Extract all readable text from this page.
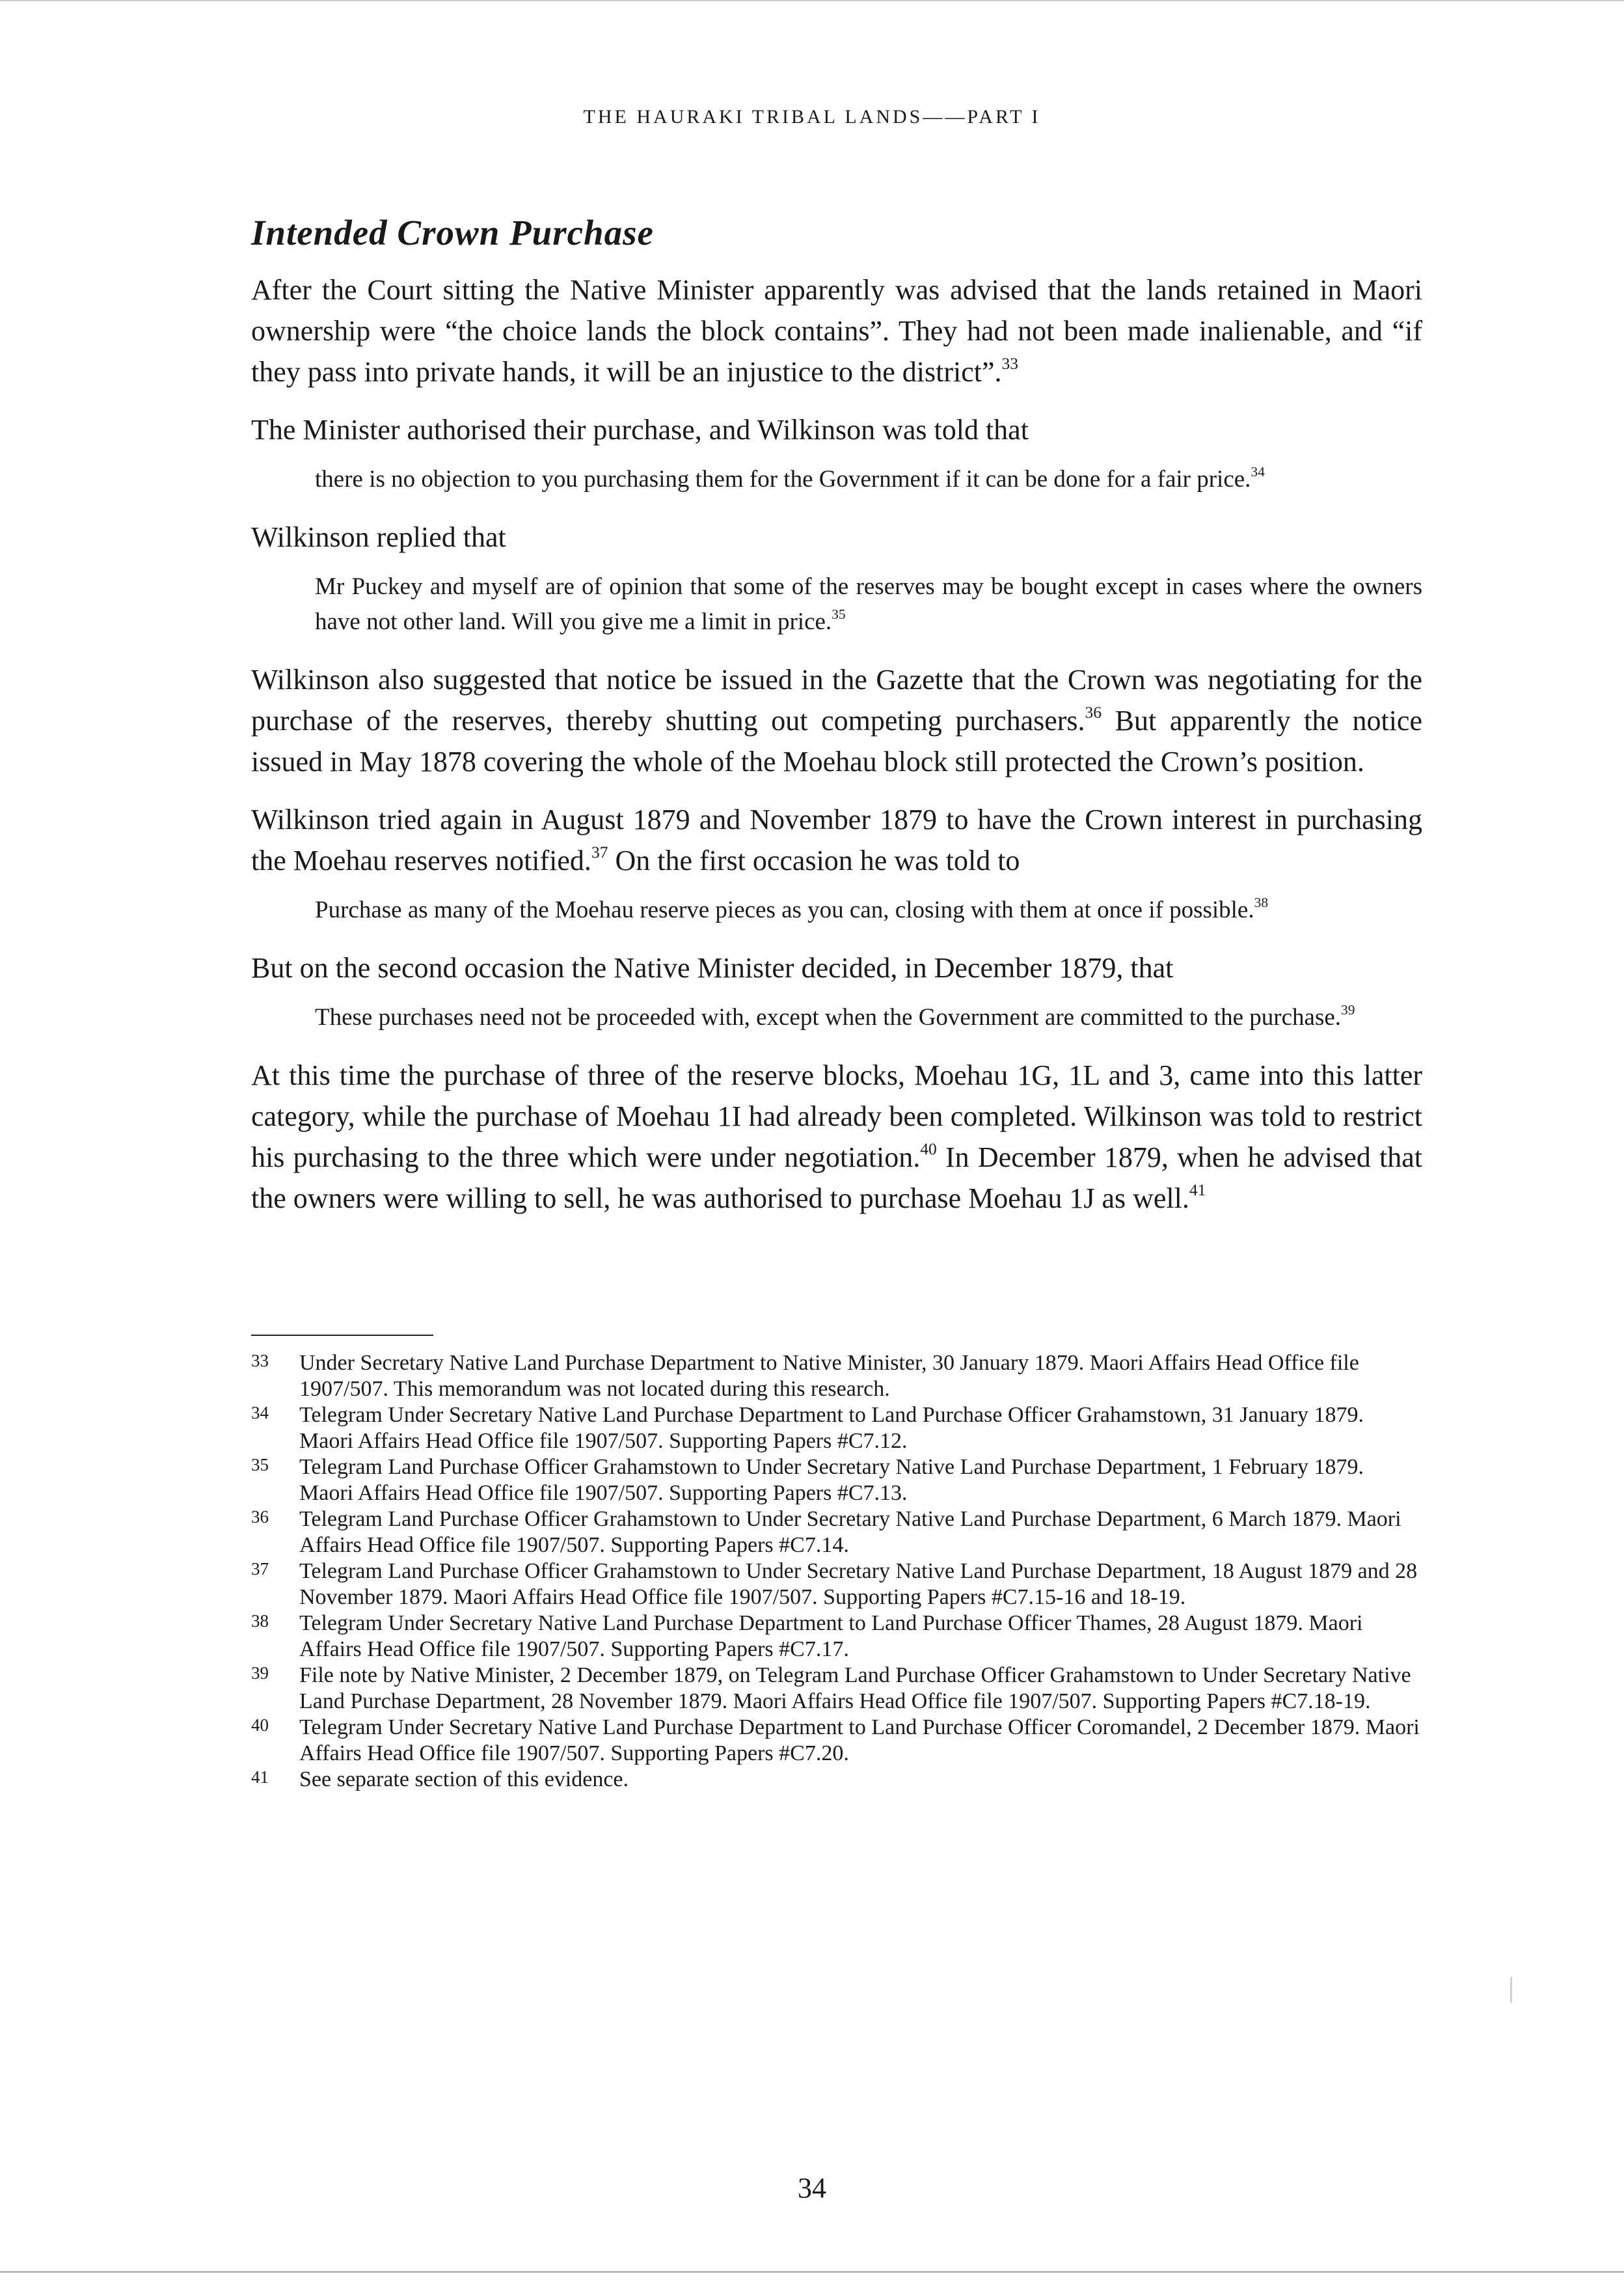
THE HAURAKI TRIBAL LANDS——PART I
Intended Crown Purchase

After the Court sitting the Native Minister apparently was advised that the lands retained in Maori ownership were “the choice lands the block contains”. They had not been made inalienable, and “if they pass into private hands, it will be an injustice to the district”.$^{33}$

The Minister authorised their purchase, and Wilkinson was told that

there is no objection to you purchasing them for the Government if it can be done for a fair price.$^{34}$

Wilkinson replied that

Mr Puckey and myself are of opinion that some of the reserves may be bought except in cases where the owners have not other land. Will you give me a limit in price.$^{35}$

Wilkinson also suggested that notice be issued in the Gazette that the Crown was negotiating for the purchase of the reserves, thereby shutting out competing purchasers.$^{36}$ But apparently the notice issued in May 1878 covering the whole of the Moehau block still protected the Crown’s position.

Wilkinson tried again in August 1879 and November 1879 to have the Crown interest in purchasing the Moehau reserves notified.$^{37}$ On the first occasion he was told to

Purchase as many of the Moehau reserve pieces as you can, closing with them at once if possible.$^{38}$

But on the second occasion the Native Minister decided, in December 1879, that

These purchases need not be proceeded with, except when the Government are committed to the purchase.$^{39}$

At this time the purchase of three of the reserve blocks, Moehau 1G, 1L and 3, came into this latter category, while the purchase of Moehau 1I had already been completed. Wilkinson was told to restrict his purchasing to the three which were under negotiation.$^{40}$ In December 1879, when he advised that the owners were willing to sell, he was authorised to purchase Moehau 1J as well.$^{41}$

33 Under Secretary Native Land Purchase Department to Native Minister, 30 January 1879. Maori Affairs Head Office file 1907/507. This memorandum was not located during this research.

34 Telegram Under Secretary Native Land Purchase Department to Land Purchase Officer Grahamstown, 31 January 1879. Maori Affairs Head Office file 1907/507. Supporting Papers #C7.12.

35 Telegram Land Purchase Officer Grahamstown to Under Secretary Native Land Purchase Department, 1 February 1879. Maori Affairs Head Office file 1907/507. Supporting Papers #C7.13.

36 Telegram Land Purchase Officer Grahamstown to Under Secretary Native Land Purchase Department, 6 March 1879. Maori Affairs Head Office file 1907/507. Supporting Papers #C7.14.

37 Telegram Land Purchase Officer Grahamstown to Under Secretary Native Land Purchase Department, 18 August 1879 and 28 November 1879. Maori Affairs Head Office file 1907/507. Supporting Papers #C7.15-16 and 18-19.

38 Telegram Under Secretary Native Land Purchase Department to Land Purchase Officer Thames, 28 August 1879. Maori Affairs Head Office file 1907/507. Supporting Papers #C7.17.

39 File note by Native Minister, 2 December 1879, on Telegram Land Purchase Officer Grahamstown to Under Secretary Native Land Purchase Department, 28 November 1879. Maori Affairs Head Office file 1907/507. Supporting Papers #C7.18-19.

40 Telegram Under Secretary Native Land Purchase Department to Land Purchase Officer Coromandel, 2 December 1879. Maori Affairs Head Office file 1907/507. Supporting Papers #C7.20.

41 See separate section of this evidence.

34
